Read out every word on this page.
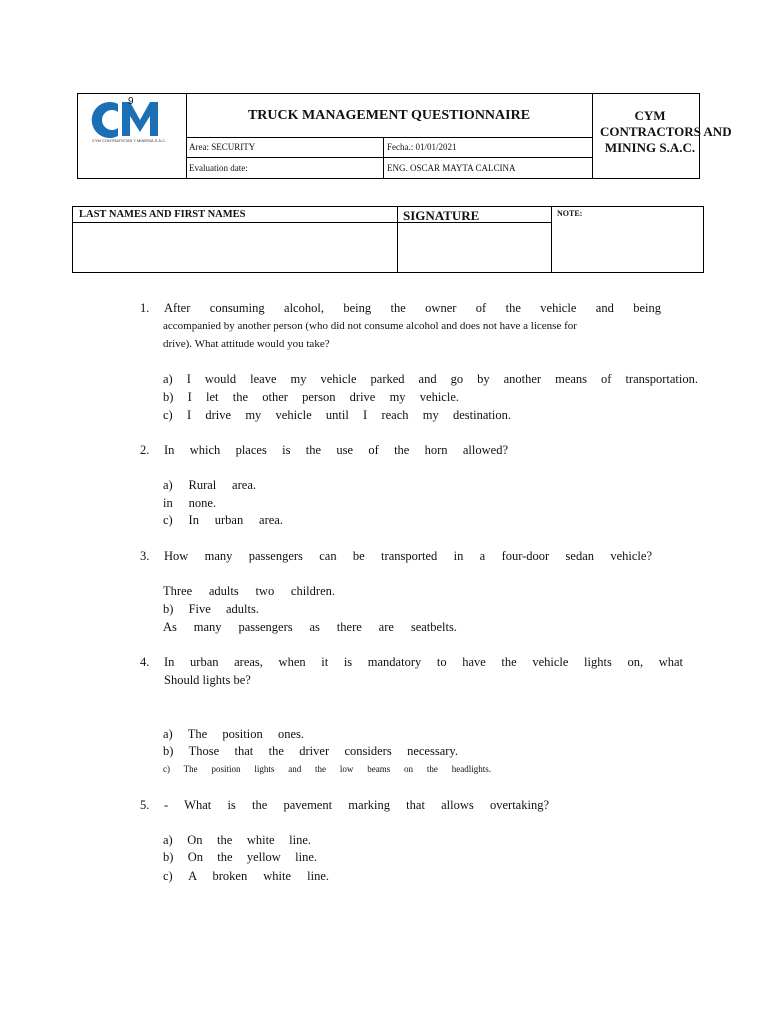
9
CYM CONTRATISTAS Y MINERIA S.A.C.
TRUCK MANAGEMENT QUESTIONNAIRE
Area: SECURITY	Fecha.: 01/01/2021
Evaluation date:	ENG. OSCAR MAYTA CALCINA
CYM
CONTRACTORS AND
MINING S.A.C.
LAST NAMES AND FIRST NAMES	SIGNATURE	NOTE:
1. After consuming alcohol, being the owner of the vehicle and being
accompanied by another person (who did not consume alcohol and does not have a license for
drive). What attitude would you take?
a) I would leave my vehicle parked and go by another means of transportation.
b) I let the other person drive my vehicle.
c) I drive my vehicle until I reach my destination.
2. In which places is the use of the horn allowed?
a) Rural area.
in none.
c) In urban area.
3. How many passengers can be transported in a four-door sedan vehicle?
Three adults two children.
b) Five adults.
As many passengers as there are seatbelts.
4. In urban areas, when it is mandatory to have the vehicle lights on, what
Should lights be?
a) The position ones.
b) Those that the driver considers necessary.
c) The position lights and the low beams on the headlights.
5. - What is the pavement marking that allows overtaking?
a) On the white line.
b) On the yellow line.
c) A broken white line.
